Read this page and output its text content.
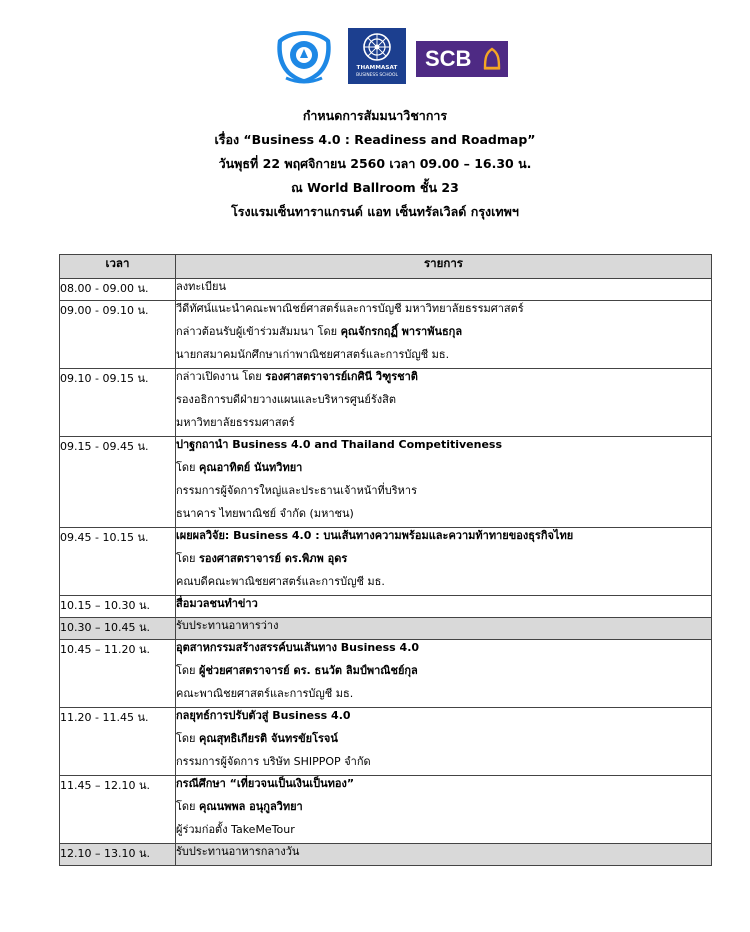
THAMMASAT
BUSINESS SCHOOL
SCB
กำหนดการสัมมนาวิชาการ
เรื่อง “Business 4.0 : Readiness and Roadmap”
วันพุธที่ 22 พฤศจิกายน 2560 เวลา 09.00 – 16.30 น.
ณ World Ballroom ชั้น 23
โรงแรมเซ็นทาราแกรนด์ แอท เซ็นทรัลเวิลด์ กรุงเทพฯ
เวลา	รายการ
08.00 - 09.00 น.	ลงทะเบียน

09.00 - 09.10 น.	วีดีทัศน์แนะนำคณะพาณิชย์ศาสตร์และการบัญชี มหาวิทยาลัยธรรมศาสตร์
กล่าวต้อนรับผู้เข้าร่วมสัมมนา โดย คุณจักรกฤฏิ์ พาราพันธกุล
นายกสมาคมนักศึกษาเก่าพาณิชยศาสตร์และการบัญชี มธ.

09.10 - 09.15 น.	กล่าวเปิดงาน โดย รองศาสตราจารย์เกศินี วิฑูรชาติ
รองอธิการบดีฝ่ายวางแผนและบริหารศูนย์รังสิต
มหาวิทยาลัยธรรมศาสตร์

09.15 - 09.45 น.	ปาฐกถานำ Business 4.0 and Thailand Competitiveness
โดย คุณอาทิตย์ นันทวิทยา
กรรมการผู้จัดการใหญ่และประธานเจ้าหน้าที่บริหาร
ธนาคาร ไทยพาณิชย์ จำกัด (มหาชน)

09.45 - 10.15 น.	เผยผลวิจัย: Business 4.0 : บนเส้นทางความพร้อมและความท้าทายของธุรกิจไทย
โดย รองศาสตราจารย์ ดร.พิภพ อุดร
คณบดีคณะพาณิชยศาสตร์และการบัญชี มธ.

10.15 – 10.30 น.	สื่อมวลชนทำข่าว

10.30 – 10.45 น.	รับประทานอาหารว่าง

10.45 – 11.20 น.	อุตสาหกรรมสร้างสรรค์บนเส้นทาง Business 4.0
โดย ผู้ช่วยศาสตราจารย์ ดร. ธนวัต ลิมป์พาณิชย์กุล
คณะพาณิชยศาสตร์และการบัญชี มธ.

11.20 - 11.45 น.	กลยุทธ์การปรับตัวสู่ Business 4.0
โดย คุณสุทธิเกียรติ จันทรขัยโรจน์
กรรมการผู้จัดการ บริษัท SHIPPOP จำกัด

11.45 – 12.10 น.	กรณีศึกษา “เที่ยวจนเป็นเงินเป็นทอง”
โดย คุณนพพล อนุกูลวิทยา
ผู้ร่วมก่อตั้ง TakeMeTour

12.10 – 13.10 น.	รับประทานอาหารกลางวัน
